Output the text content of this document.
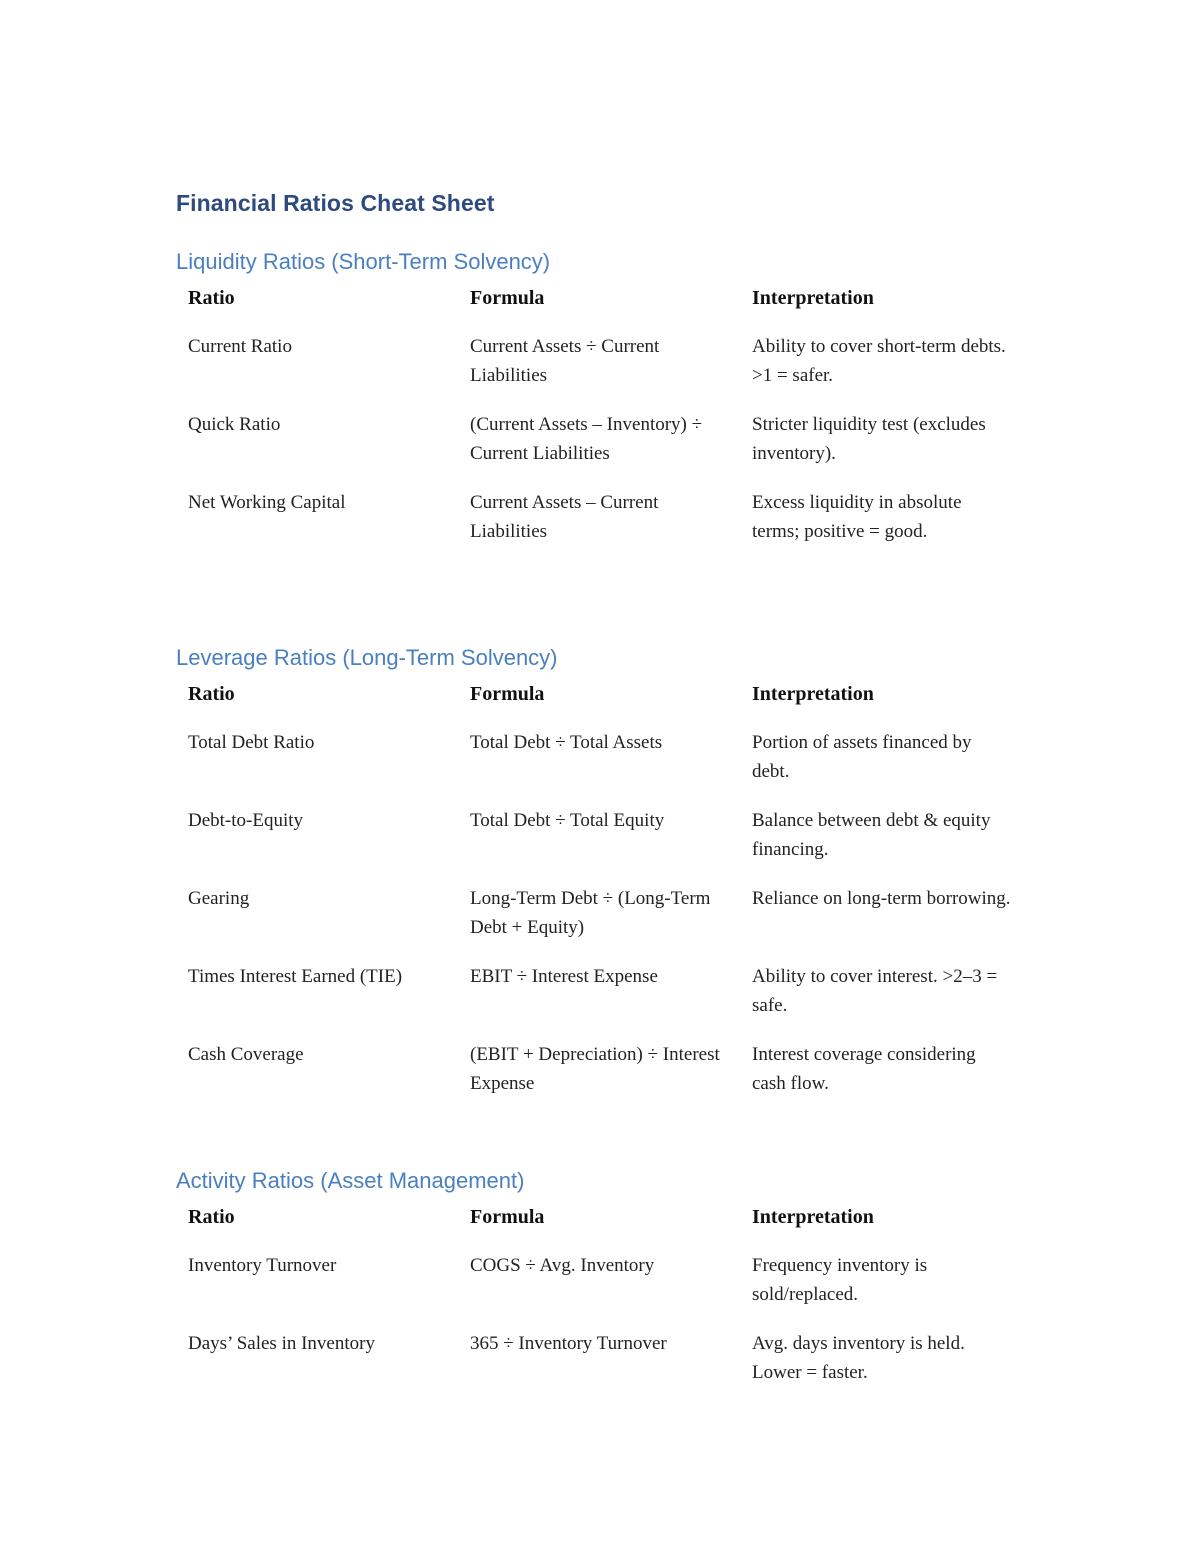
Financial Ratios Cheat Sheet
Liquidity Ratios (Short-Term Solvency)
Ratio	Formula	Interpretation
Current Ratio	Current Assets ÷ Current Liabilities	Ability to cover short-term debts. >1 = safer.
Quick Ratio	(Current Assets – Inventory) ÷ Current Liabilities	Stricter liquidity test (excludes inventory).
Net Working Capital	Current Assets – Current Liabilities	Excess liquidity in absolute terms; positive = good.
Leverage Ratios (Long-Term Solvency)
Ratio	Formula	Interpretation
Total Debt Ratio	Total Debt ÷ Total Assets	Portion of assets financed by debt.
Debt-to-Equity	Total Debt ÷ Total Equity	Balance between debt & equity financing.
Gearing	Long-Term Debt ÷ (Long-Term Debt + Equity)	Reliance on long-term borrowing.
Times Interest Earned (TIE)	EBIT ÷ Interest Expense	Ability to cover interest. >2–3 = safe.
Cash Coverage	(EBIT + Depreciation) ÷ Interest Expense	Interest coverage considering cash flow.
Activity Ratios (Asset Management)
Ratio	Formula	Interpretation
Inventory Turnover	COGS ÷ Avg. Inventory	Frequency inventory is sold/replaced.
Days’ Sales in Inventory	365 ÷ Inventory Turnover	Avg. days inventory is held. Lower = faster.
